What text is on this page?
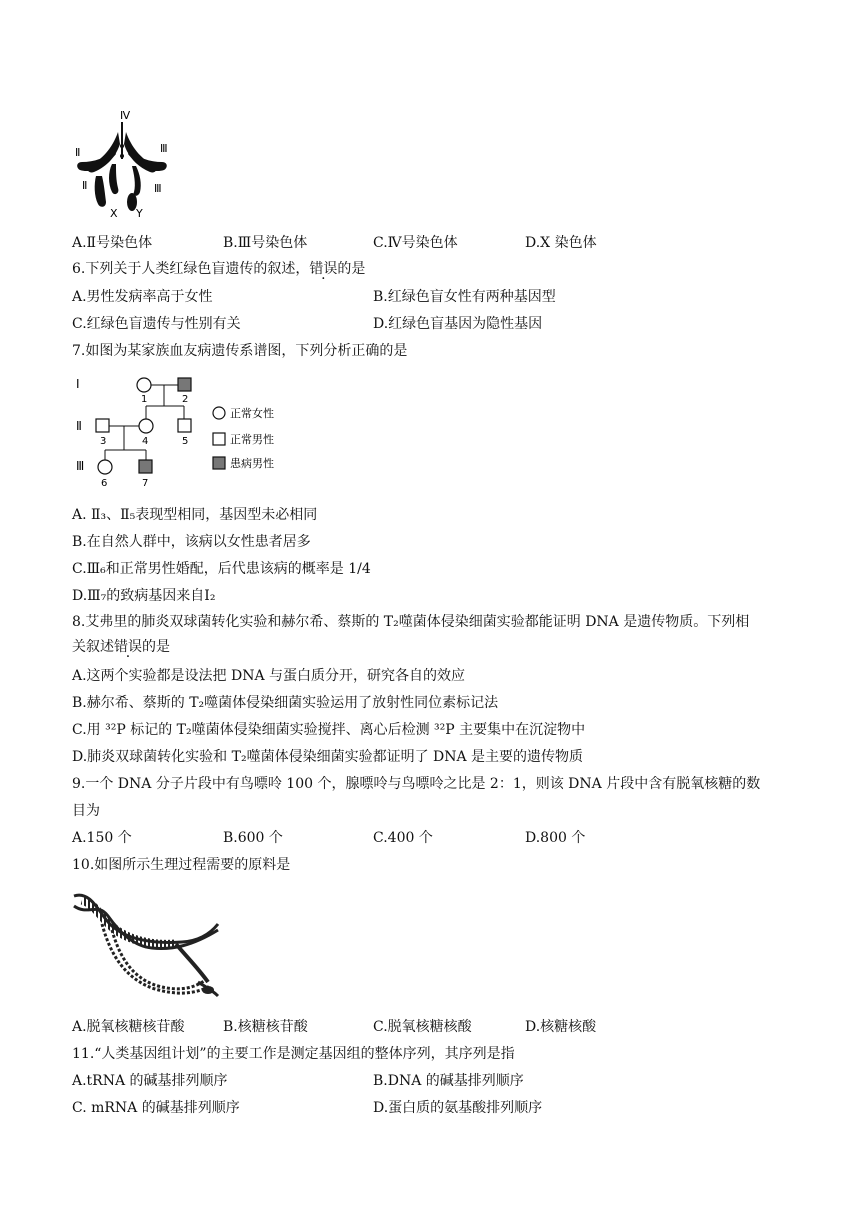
Ⅳ
Ⅱ
Ⅱ
Ⅲ
Ⅲ
X Y
A.Ⅱ号染色体	B.Ⅲ号染色体	C.Ⅳ号染色体	D.X 染色体
6.下列关于人类红绿色盲遗传的叙述，错误的是
A.男性发病率高于女性	B.红绿色盲女性有两种基因型
C.红绿色盲遗传与性别有关	D.红绿色盲基因为隐性基因
7.如图为某家族血友病遗传系谱图，下列分析正确的是
Ⅰ
Ⅱ
Ⅲ
1	2
3	4	5
6	7
正常女性
正常男性
患病男性
A. Ⅱ₃、Ⅱ₅表现型相同，基因型未必相同
B.在自然人群中，该病以女性患者居多
C.Ⅲ₆和正常男性婚配，后代患该病的概率是 1/4
D.Ⅲ₇的致病基因来自Ⅰ₂
8.艾弗里的肺炎双球菌转化实验和赫尔希、蔡斯的 T₂噬菌体侵染细菌实验都能证明 DNA 是遗传物质。下列相
关叙述错误的是
A.这两个实验都是设法把 DNA 与蛋白质分开，研究各自的效应
B.赫尔希、蔡斯的 T₂噬菌体侵染细菌实验运用了放射性同位素标记法
C.用 ³²P 标记的 T₂噬菌体侵染细菌实验搅拌、离心后检测 ³²P 主要集中在沉淀物中
D.肺炎双球菌转化实验和 T₂噬菌体侵染细菌实验都证明了 DNA 是主要的遗传物质
9.一个 DNA 分子片段中有鸟嘌呤 100 个，腺嘌呤与鸟嘌呤之比是 2：1，则该 DNA 片段中含有脱氧核糖的数
目为
A.150 个	B.600 个	C.400 个	D.800 个
10.如图所示生理过程需要的原料是
A.脱氧核糖核苷酸	B.核糖核苷酸	C.脱氧核糖核酸	D.核糖核酸
11.“人类基因组计划”的主要工作是测定基因组的整体序列，其序列是指
A.tRNA 的碱基排列顺序	B.DNA 的碱基排列顺序
C. mRNA 的碱基排列顺序	D.蛋白质的氨基酸排列顺序
